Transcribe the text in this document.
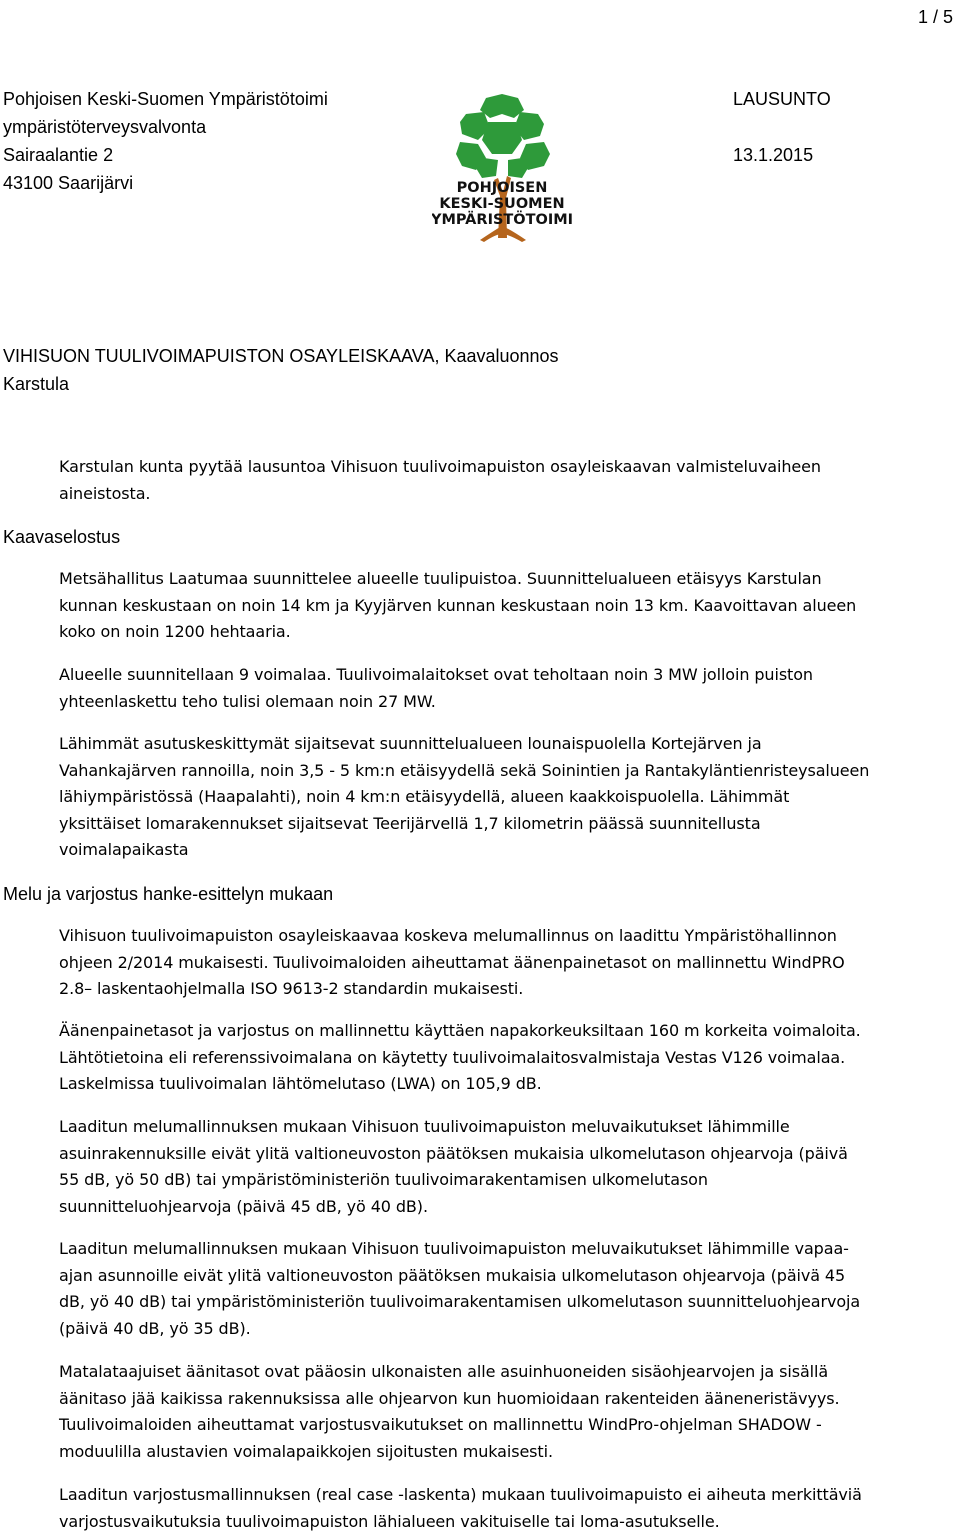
1 / 5
Pohjoisen Keski-Suomen Ympäristötoimi
ympäristöterveysvalvonta
Sairaalantie 2
43100 Saarijärvi
LAUSUNTO
13.1.2015
POHJOISEN
KESKI-SUOMEN
YMPÄRISTÖTOIMI
VIHISUON TUULIVOIMAPUISTON OSAYLEISKAAVA, Kaavaluonnos
Karstula
Karstulan kunta pyytää lausuntoa Vihisuon tuulivoimapuiston osayleiskaavan valmisteluvaiheen
aineistosta.
Kaavaselostus
Metsähallitus Laatumaa suunnittelee alueelle tuulipuistoa. Suunnittelualueen etäisyys Karstulan
kunnan keskustaan on noin 14 km ja Kyyjärven kunnan keskustaan noin 13 km. Kaavoittavan alueen
koko on noin 1200 hehtaaria.
Alueelle suunnitellaan 9 voimalaa. Tuulivoimalaitokset ovat teholtaan noin 3 MW jolloin puiston
yhteenlaskettu teho tulisi olemaan noin 27 MW.
Lähimmät asutuskeskittymät sijaitsevat suunnittelualueen lounaispuolella Kortejärven ja
Vahankajärven rannoilla, noin 3,5 - 5 km:n etäisyydellä sekä Soinintien ja Rantakyläntienristeysalueen
lähiympäristössä (Haapalahti), noin 4 km:n etäisyydellä, alueen kaakkoispuolella. Lähimmät
yksittäiset lomarakennukset sijaitsevat Teerijärvellä 1,7 kilometrin päässä suunnitellusta
voimalapaikasta
Melu ja varjostus hanke-esittelyn mukaan
Vihisuon tuulivoimapuiston osayleiskaavaa koskeva melumallinnus on laadittu Ympäristöhallinnon
ohjeen 2/2014 mukaisesti. Tuulivoimaloiden aiheuttamat äänenpainetasot on mallinnettu WindPRO
2.8– laskentaohjelmalla ISO 9613-2 standardin mukaisesti.
Äänenpainetasot ja varjostus on mallinnettu käyttäen napakorkeuksiltaan 160 m korkeita voimaloita.
Lähtötietoina eli referenssivoimalana on käytetty tuulivoimalaitosvalmistaja Vestas V126 voimalaa.
Laskelmissa tuulivoimalan lähtömelutaso (LWA) on 105,9 dB.
Laaditun melumallinnuksen mukaan Vihisuon tuulivoimapuiston meluvaikutukset lähimmille
asuinrakennuksille eivät ylitä valtioneuvoston päätöksen mukaisia ulkomelutason ohjearvoja (päivä
55 dB, yö 50 dB) tai ympäristöministeriön tuulivoimarakentamisen ulkomelutason
suunnitteluohjearvoja (päivä 45 dB, yö 40 dB).
Laaditun melumallinnuksen mukaan Vihisuon tuulivoimapuiston meluvaikutukset lähimmille vapaa-
ajan asunnoille eivät ylitä valtioneuvoston päätöksen mukaisia ulkomelutason ohjearvoja (päivä 45
dB, yö 40 dB) tai ympäristöministeriön tuulivoimarakentamisen ulkomelutason suunnitteluohjearvoja
(päivä 40 dB, yö 35 dB).
Matalataajuiset äänitasot ovat pääosin ulkonaisten alle asuinhuoneiden sisäohjearvojen ja sisällä
äänitaso jää kaikissa rakennuksissa alle ohjearvon kun huomioidaan rakenteiden ääneneristävyys.
Tuulivoimaloiden aiheuttamat varjostusvaikutukset on mallinnettu WindPro-ohjelman SHADOW -
moduulilla alustavien voimalapaikkojen sijoitusten mukaisesti.
Laaditun varjostusmallinnuksen (real case -laskenta) mukaan tuulivoimapuisto ei aiheuta merkittäviä
varjostusvaikutuksia tuulivoimapuiston lähialueen vakituiselle tai loma-asutukselle.
